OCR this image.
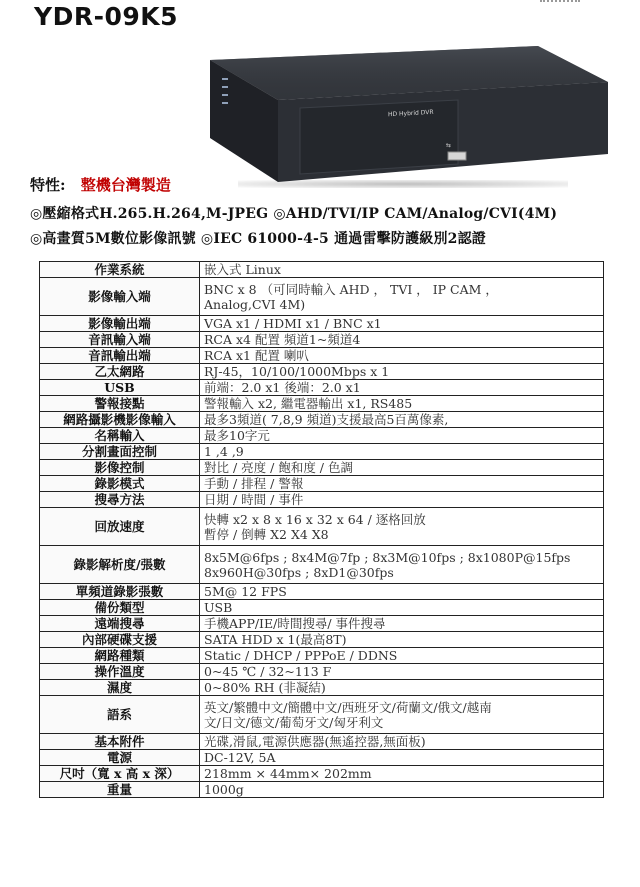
YDR-09K5
⇆
HD Hybrid DVR
特性: 整機台灣製造
◎壓縮格式H.265.H.264,M-JPEG ◎AHD/TVI/IP CAM/Analog/CVI(4M)
◎高畫質5M數位影像訊號 ◎IEC 61000-4-5 通過雷擊防護級別2認證
作業系統	嵌入式 Linux

影像輸入端	BNC x 8 （可同時輸入 AHD ， TVI ， IP CAM ，
Analog,CVI 4M)

影像輸出端	VGA x1 / HDMI x1 / BNC x1

音訊輸入端	RCA x4 配置 頻道1~頻道4

音訊輸出端	RCA x1 配置 喇叭

乙太網路	RJ-45，10/100/1000Mbps x 1

USB	前端：2.0 x1 後端：2.0 x1

警報接點	警報輸入 x2, 繼電器輸出 x1, RS485

網路攝影機影像輸入	最多3頻道( 7,8,9 頻道)支援最高5百萬像素,

名稱輸入	最多10字元

分割畫面控制	1 ,4 ,9

影像控制	對比 / 亮度 / 飽和度 / 色調

錄影模式	手動 / 排程 / 警報

搜尋方法	日期 / 時間 / 事件

回放速度	快轉 x2 x 8 x 16 x 32 x 64 / 逐格回放
暫停 / 倒轉 X2 X4 X8

錄影解析度/張數	8x5M@6fps ; 8x4M@7fp ; 8x3M@10fps ; 8x1080P@15fps
8x960H@30fps ; 8xD1@30fps

單頻道錄影張數	5M@ 12 FPS

備份類型	USB

遠端搜尋	手機APP/IE/時間搜尋/ 事件搜尋

內部硬碟支援	SATA HDD x 1(最高8T)

網路種類	Static / DHCP / PPPoE / DDNS

操作溫度	0~45 ℃ / 32~113 F

濕度	0~80% RH (非凝結)

語系	英文/繁體中文/簡體中文/西班牙文/荷蘭文/俄文/越南
文/日文/德文/葡萄牙文/匈牙利文

基本附件	光碟,滑鼠,電源供應器(無遙控器,無面板)

電源	DC-12V, 5A

尺吋（寬 x 高 x 深）	218mm × 44mm× 202mm

重量	1000g
